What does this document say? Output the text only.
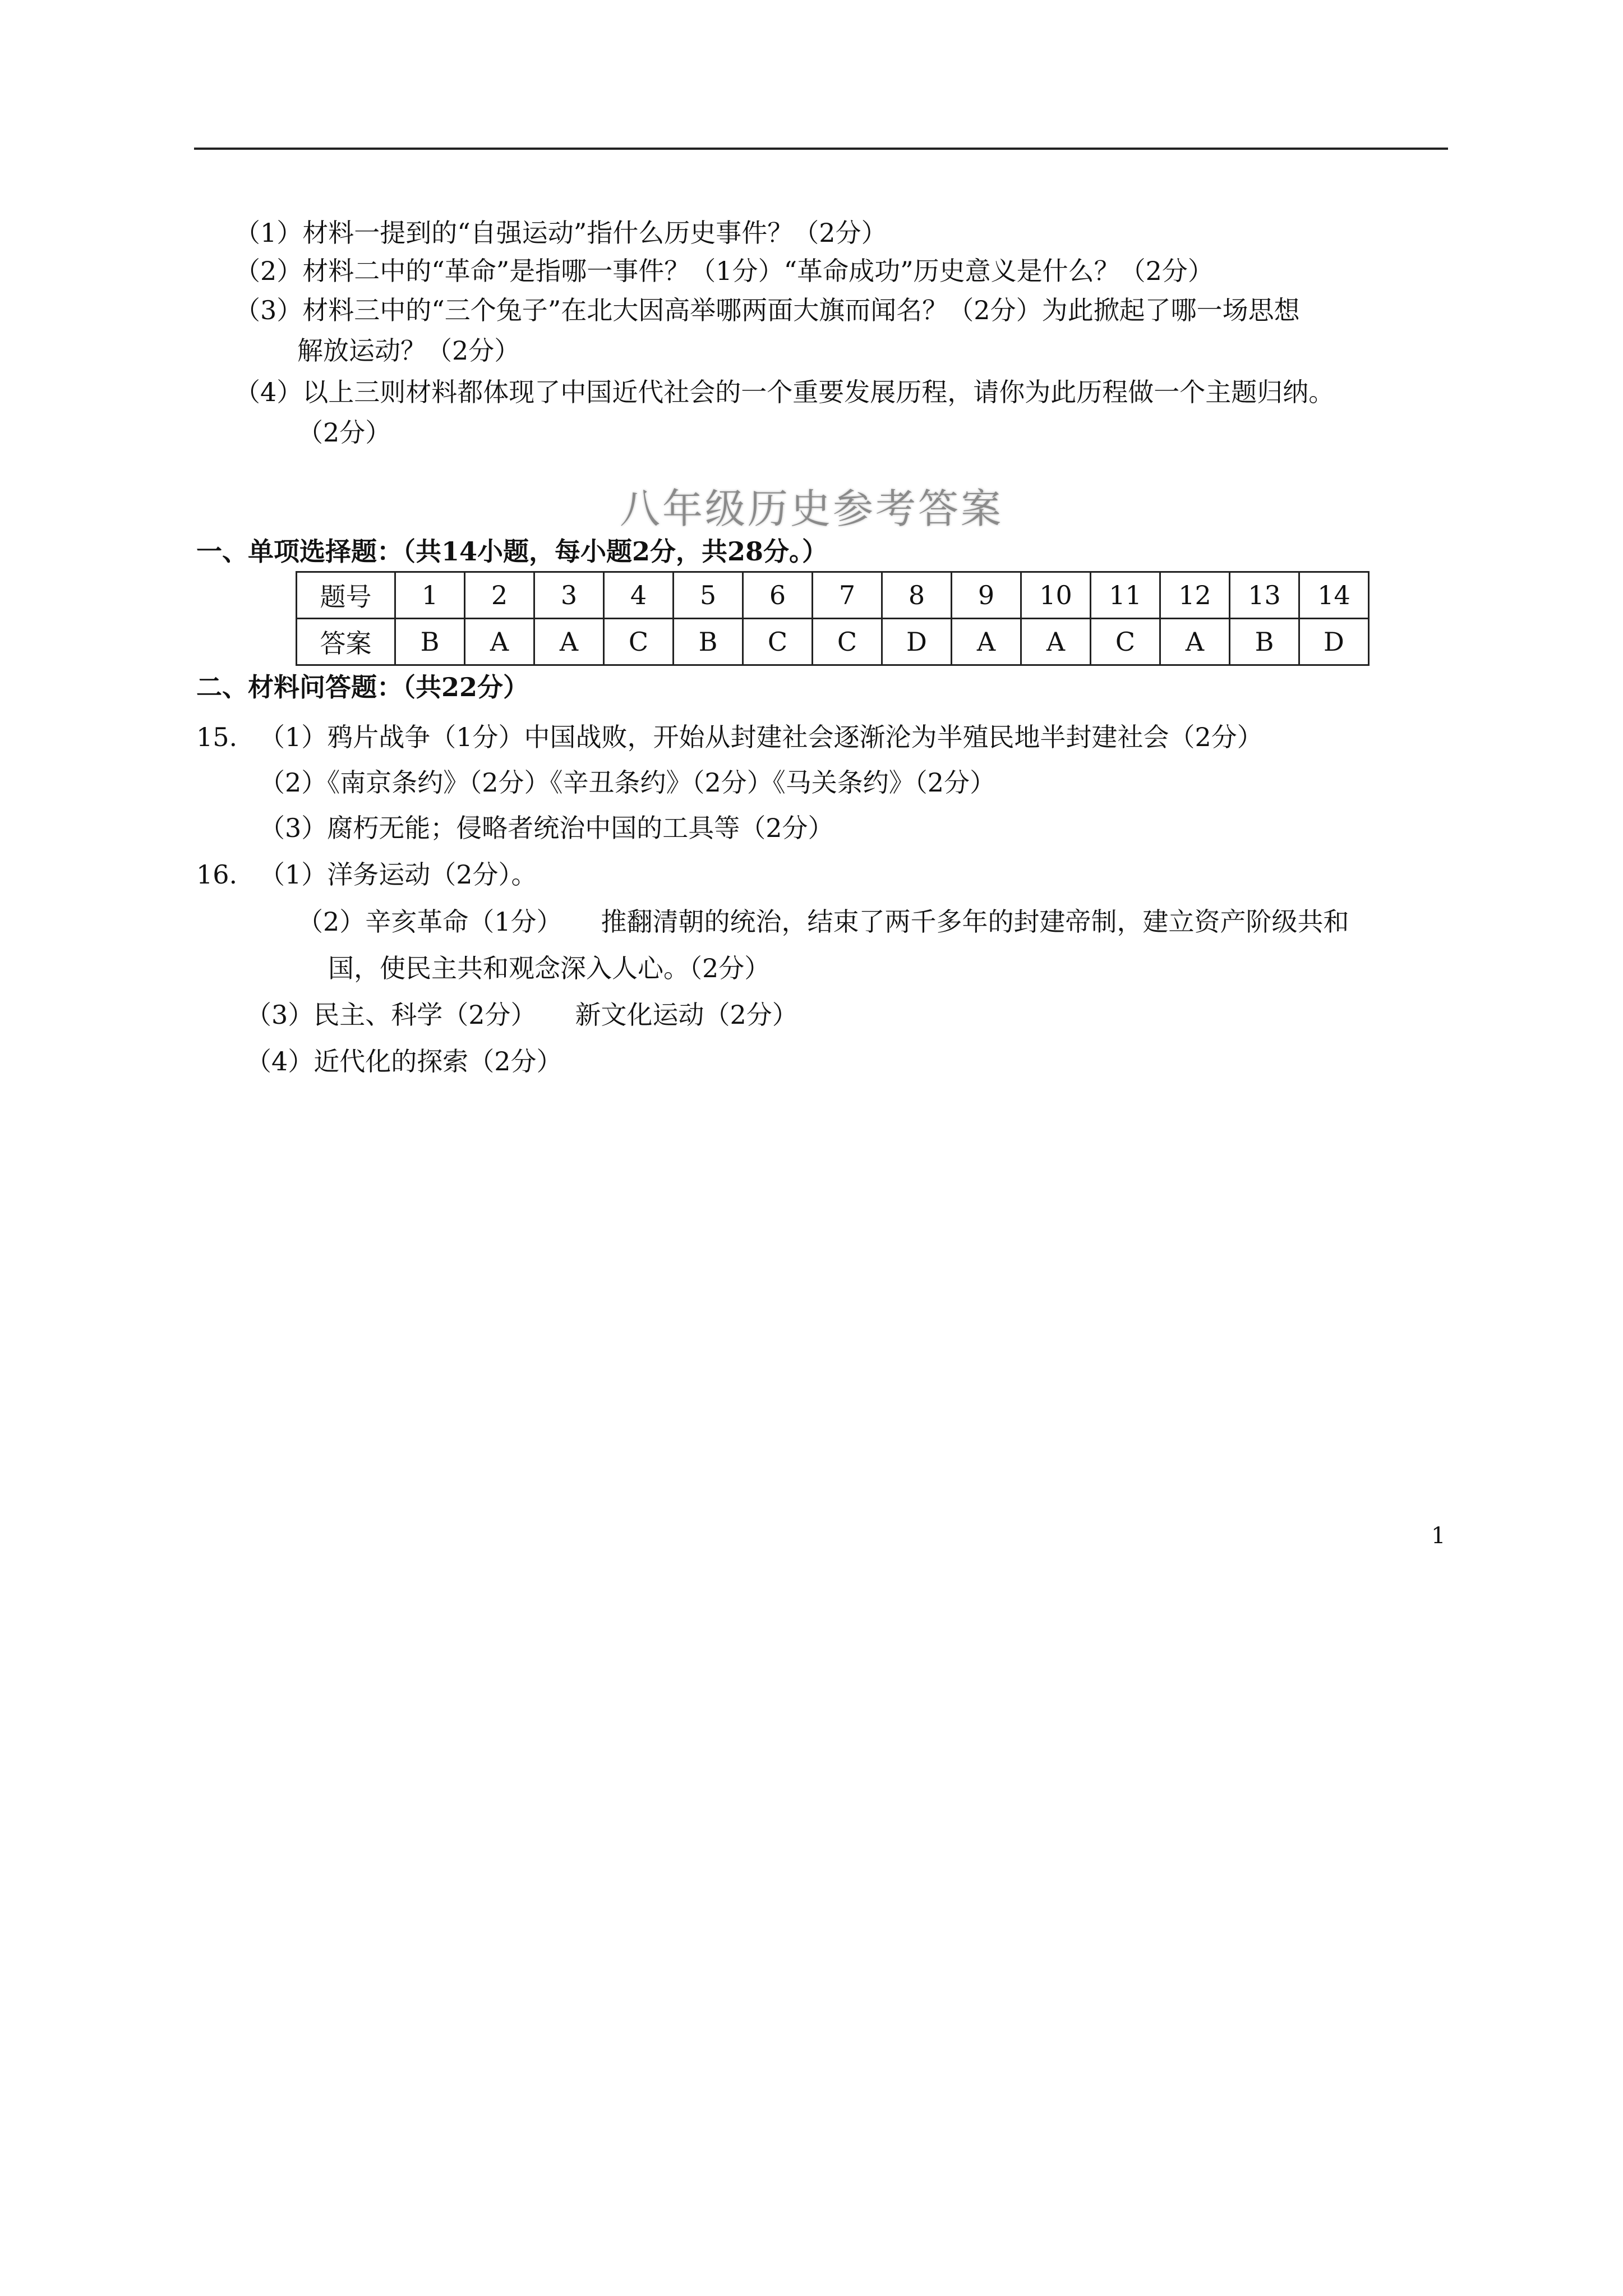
（1）材料一提到的“自强运动”指什么历史事件？（2分）
（2）材料二中的“革命”是指哪一事件？（1分）“革命成功”历史意义是什么？（2分）
（3）材料三中的“三个兔子”在北大因高举哪两面大旗而闻名？（2分）为此掀起了哪一场思想
解放运动？（2分）
（4）以上三则材料都体现了中国近代社会的一个重要发展历程，请你为此历程做一个主题归纳。
（2分）
八年级历史参考答案
一、单项选择题：（共14小题，每小题2分，共28分。）
题号	1	2	3	4	5	6	7	8	9	10	11	12	13	14
答案	B	A	A	C	B	C	C	D	A	A	C	A	B	D
二、材料问答题：（共22分）
15. （1）鸦片战争（1分）中国战败，开始从封建社会逐渐沦为半殖民地半封建社会（2分）
（2）《南京条约》（2分）《辛丑条约》（2分）《马关条约》（2分）
（3）腐朽无能；侵略者统治中国的工具等（2分）
16. （1）洋务运动（2分）。
（2）辛亥革命（1分）　　推翻清朝的统治，结束了两千多年的封建帝制，建立资产阶级共和
国，使民主共和观念深入人心。（2分）
（3）民主、科学（2分）　　新文化运动（2分）
（4）近代化的探索（2分）
1
